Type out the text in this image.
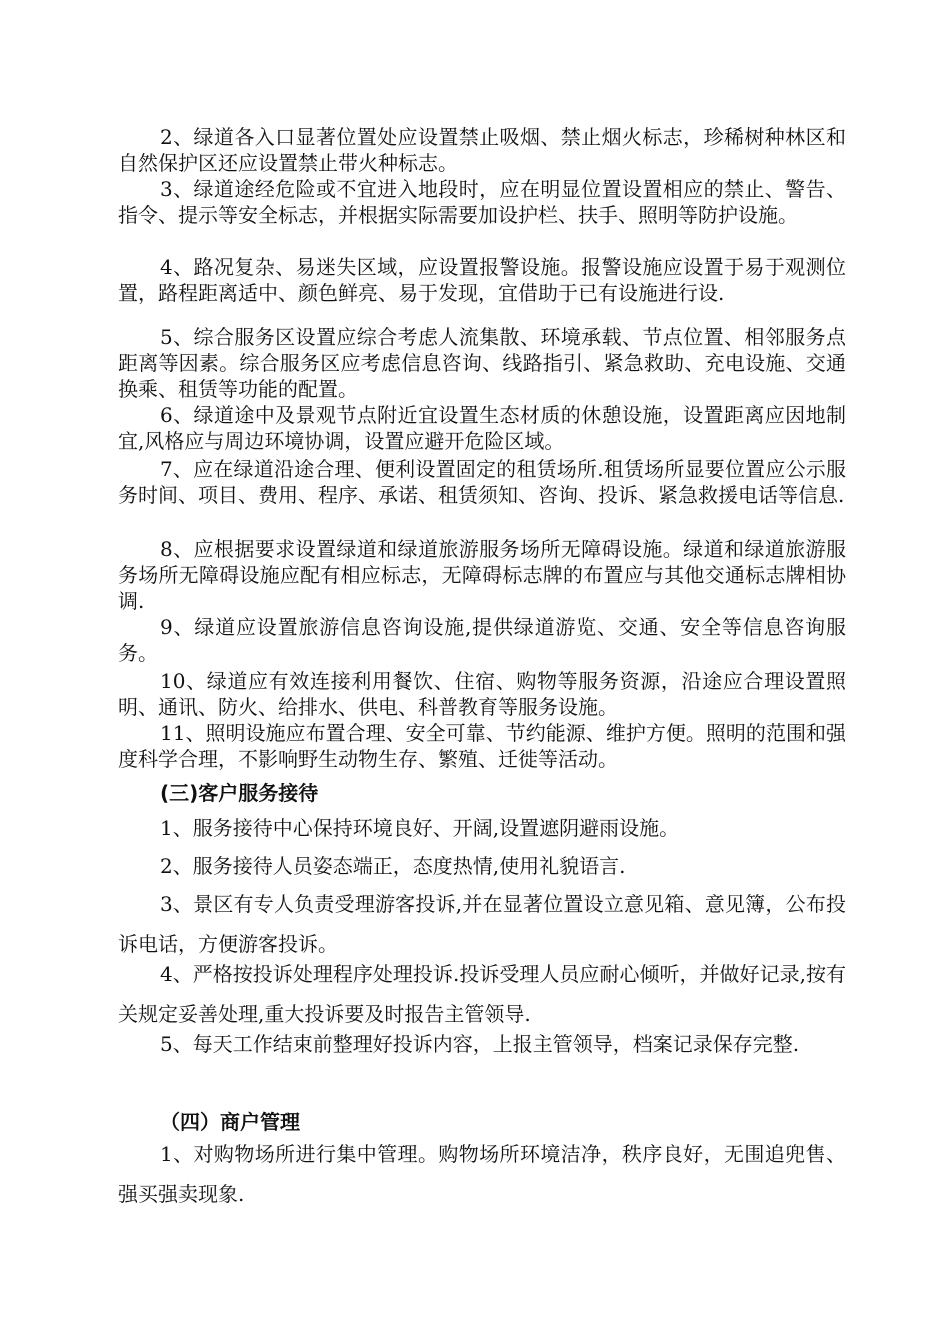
2、绿道各入口显著位置处应设置禁止吸烟、禁止烟火标志，珍稀树种林区和自然保护区还应设置禁止带火种标志。

3、绿道途经危险或不宜进入地段时，应在明显位置设置相应的禁止、警告、指令、提示等安全标志，并根据实际需要加设护栏、扶手、照明等防护设施。

4、路况复杂、易迷失区域，应设置报警设施。报警设施应设置于易于观测位置，路程距离适中、颜色鲜亮、易于发现，宜借助于已有设施进行设.

5、综合服务区设置应综合考虑人流集散、环境承载、节点位置、相邻服务点距离等因素。综合服务区应考虑信息咨询、线路指引、紧急救助、充电设施、交通换乘、租赁等功能的配置。

6、绿道途中及景观节点附近宜设置生态材质的休憩设施，设置距离应因地制宜,风格应与周边环境协调，设置应避开危险区域。

7、应在绿道沿途合理、便利设置固定的租赁场所.租赁场所显要位置应公示服务时间、项目、费用、程序、承诺、租赁须知、咨询、投诉、紧急救援电话等信息.

8、应根据要求设置绿道和绿道旅游服务场所无障碍设施。绿道和绿道旅游服务场所无障碍设施应配有相应标志，无障碍标志牌的布置应与其他交通标志牌相协调.

9、绿道应设置旅游信息咨询设施,提供绿道游览、交通、安全等信息咨询服务。

10、绿道应有效连接利用餐饮、住宿、购物等服务资源，沿途应合理设置照明、通讯、防火、给排水、供电、科普教育等服务设施。

11、照明设施应布置合理、安全可靠、节约能源、维护方便。照明的范围和强度科学合理，不影响野生动物生存、繁殖、迁徙等活动。

(三)客户服务接待

1、服务接待中心保持环境良好、开阔,设置遮阴避雨设施。

2、服务接待人员姿态端正，态度热情,使用礼貌语言.

3、景区有专人负责受理游客投诉,并在显著位置设立意见箱、意见簿，公布投诉电话，方便游客投诉。

4、严格按投诉处理程序处理投诉.投诉受理人员应耐心倾听，并做好记录,按有关规定妥善处理,重大投诉要及时报告主管领导.

5、每天工作结束前整理好投诉内容，上报主管领导，档案记录保存完整.

（四）商户管理

1、对购物场所进行集中管理。购物场所环境洁净，秩序良好，无围追兜售、强买强卖现象.
